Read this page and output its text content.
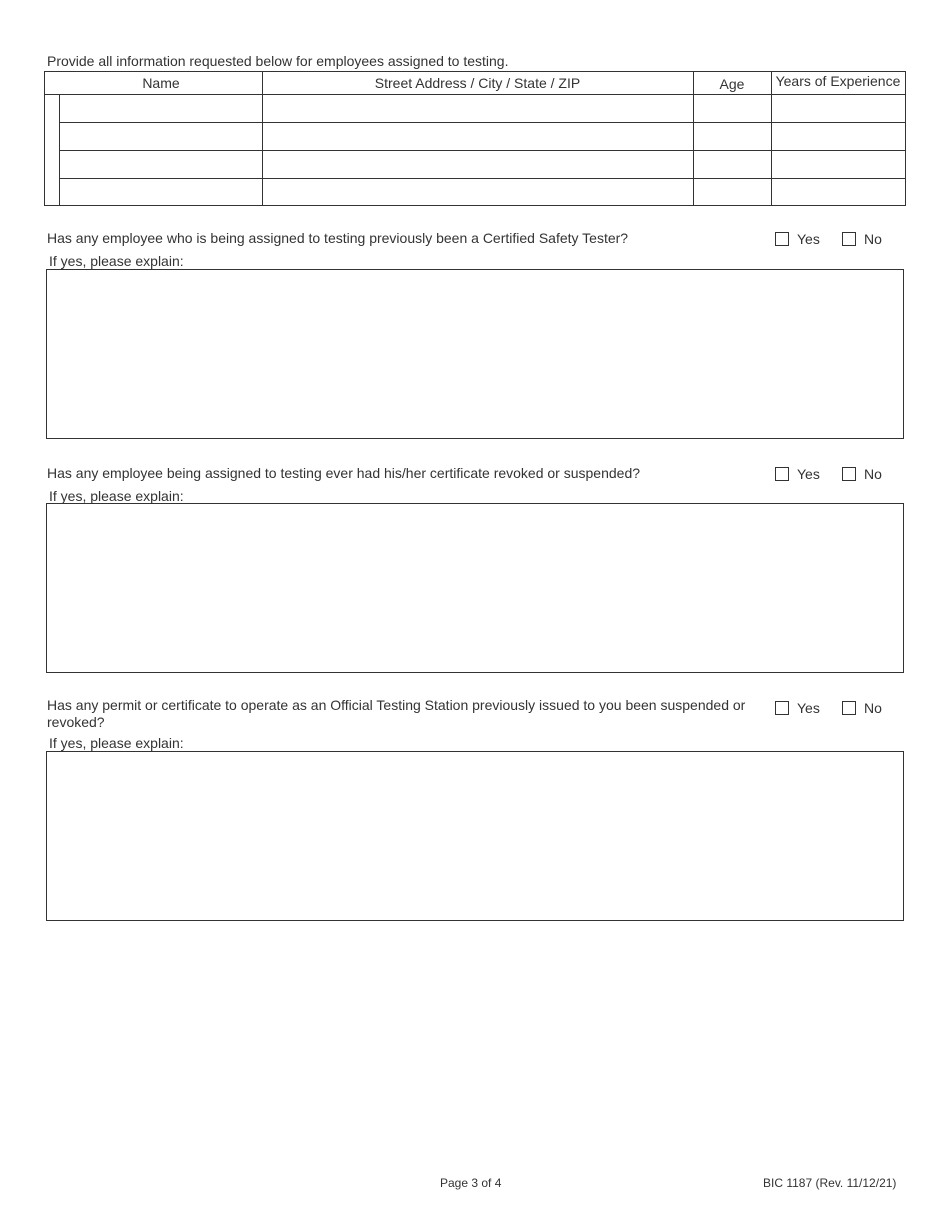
Provide all information requested below for employees assigned to testing.
Name	Street Address / City / State / ZIP	Age	Years of Experience
Has any employee who is being assigned to testing previously been a Certified Safety Tester?	Yes	No
If yes, please explain:
Has any employee being assigned to testing ever had his/her certificate revoked or suspended?	Yes	No
If yes, please explain:
Has any permit or certificate to operate as an Official Testing Station previously issued to you been suspended or revoked?
Yes	No
If yes, please explain:
Page 3 of 4	BIC 1187 (Rev. 11/12/21)
